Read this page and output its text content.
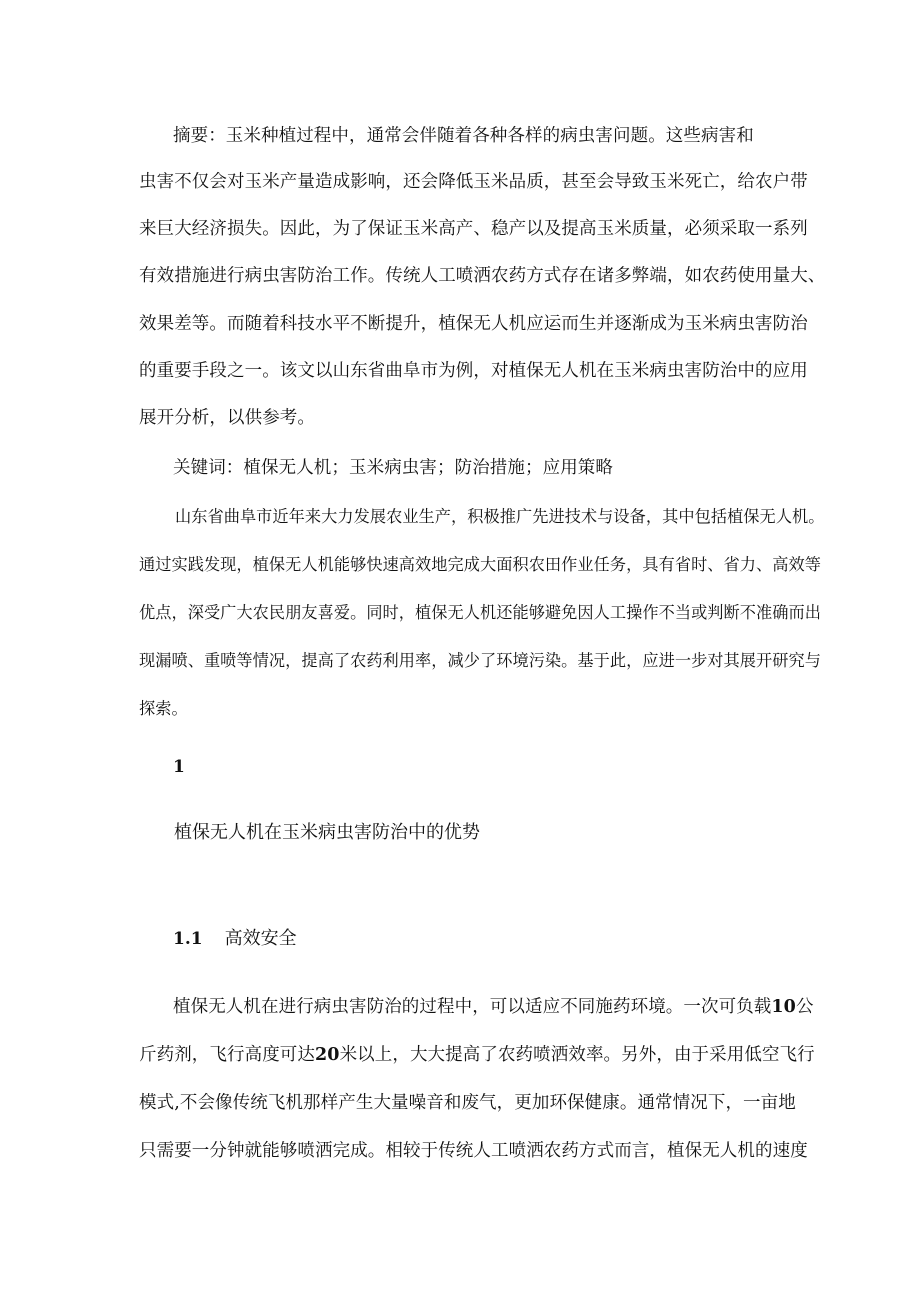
摘要：玉米种植过程中，通常会伴随着各种各样的病虫害问题。这些病害和

虫害不仅会对玉米产量造成影响，还会降低玉米品质，甚至会导致玉米死亡，给农户带

来巨大经济损失。因此，为了保证玉米高产、稳产以及提高玉米质量，必须采取一系列

有效措施进行病虫害防治工作。传统人工喷洒农药方式存在诸多弊端，如农药使用量大、

效果差等。而随着科技水平不断提升，植保无人机应运而生并逐渐成为玉米病虫害防治

的重要手段之一。该文以山东省曲阜市为例，对植保无人机在玉米病虫害防治中的应用

展开分析，以供参考。

关键词：植保无人机；玉米病虫害；防治措施；应用策略

山东省曲阜市近年来大力发展农业生产，积极推广先进技术与设备，其中包括植保无人机。

通过实践发现，植保无人机能够快速高效地完成大面积农田作业任务，具有省时、省力、高效等

优点，深受广大农民朋友喜爱。同时，植保无人机还能够避免因人工操作不当或判断不准确而出

现漏喷、重喷等情况，提高了农药利用率，减少了环境污染。基于此，应进一步对其展开研究与

探索。

1

植保无人机在玉米病虫害防治中的优势

1.1 高效安全

植保无人机在进行病虫害防治的过程中，可以适应不同施药环境。一次可负载10公

斤药剂，飞行高度可达20米以上，大大提高了农药喷洒效率。另外，由于采用低空飞行

模式,不会像传统飞机那样产生大量噪音和废气，更加环保健康。通常情况下，一亩地

只需要一分钟就能够喷洒完成。相较于传统人工喷洒农药方式而言，植保无人机的速度
